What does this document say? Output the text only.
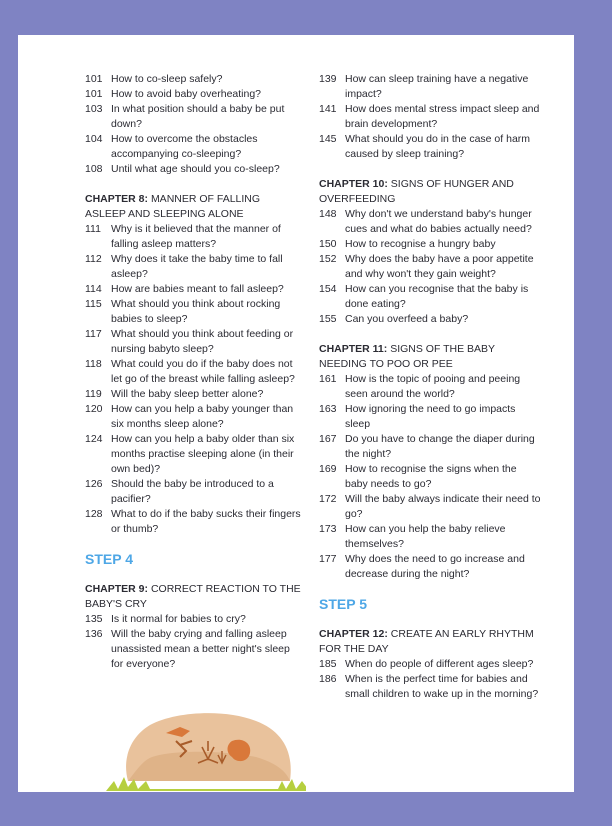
101 How to co-sleep safely?
101 How to avoid baby overheating?
103 In what position should a baby be put down?
104 How to overcome the obstacles accompanying co-sleeping?
108 Until what age should you co-sleep?
CHAPTER 8: MANNER OF FALLING ASLEEP AND SLEEPING ALONE
111 Why is it believed that the manner of falling asleep matters?
112 Why does it take the baby time to fall asleep?
114 How are babies meant to fall asleep?
115 What should you think about rocking babies to sleep?
117 What should you think about feeding or nursing babyto sleep?
118 What could you do if the baby does not let go of the breast while falling asleep?
119 Will the baby sleep better alone?
120 How can you help a baby younger than six months sleep alone?
124 How can you help a baby older than six months practise sleeping alone (in their own bed)?
126 Should the baby be introduced to a pacifier?
128 What to do if the baby sucks their fingers or thumb?
STEP 4
CHAPTER 9: CORRECT REACTION TO THE BABY'S CRY
135 Is it normal for babies to cry?
136 Will the baby crying and falling asleep unassisted mean a better night's sleep for everyone?
139 How can sleep training have a negative impact?
141 How does mental stress impact sleep and brain development?
145 What should you do in the case of harm caused by sleep training?
CHAPTER 10: SIGNS OF HUNGER AND OVERFEEDING
148 Why don't we understand baby's hunger cues and what do babies actually need?
150 How to recognise a hungry baby
152 Why does the baby have a poor appetite and why won't they gain weight?
154 How can you recognise that the baby is done eating?
155 Can you overfeed a baby?
CHAPTER 11: SIGNS OF THE BABY NEEDING TO POO OR PEE
161 How is the topic of pooing and peeing seen around the world?
163 How ignoring the need to go impacts sleep
167 Do you have to change the diaper during the night?
169 How to recognise the signs when the baby needs to go?
172 Will the baby always indicate their need to go?
173 How can you help the baby relieve themselves?
177 Why does the need to go increase and decrease during the night?
STEP 5
CHAPTER 12: CREATE AN EARLY RHYTHM FOR THE DAY
185 When do people of different ages sleep?
186 When is the perfect time for babies and small children to wake up in the morning?
